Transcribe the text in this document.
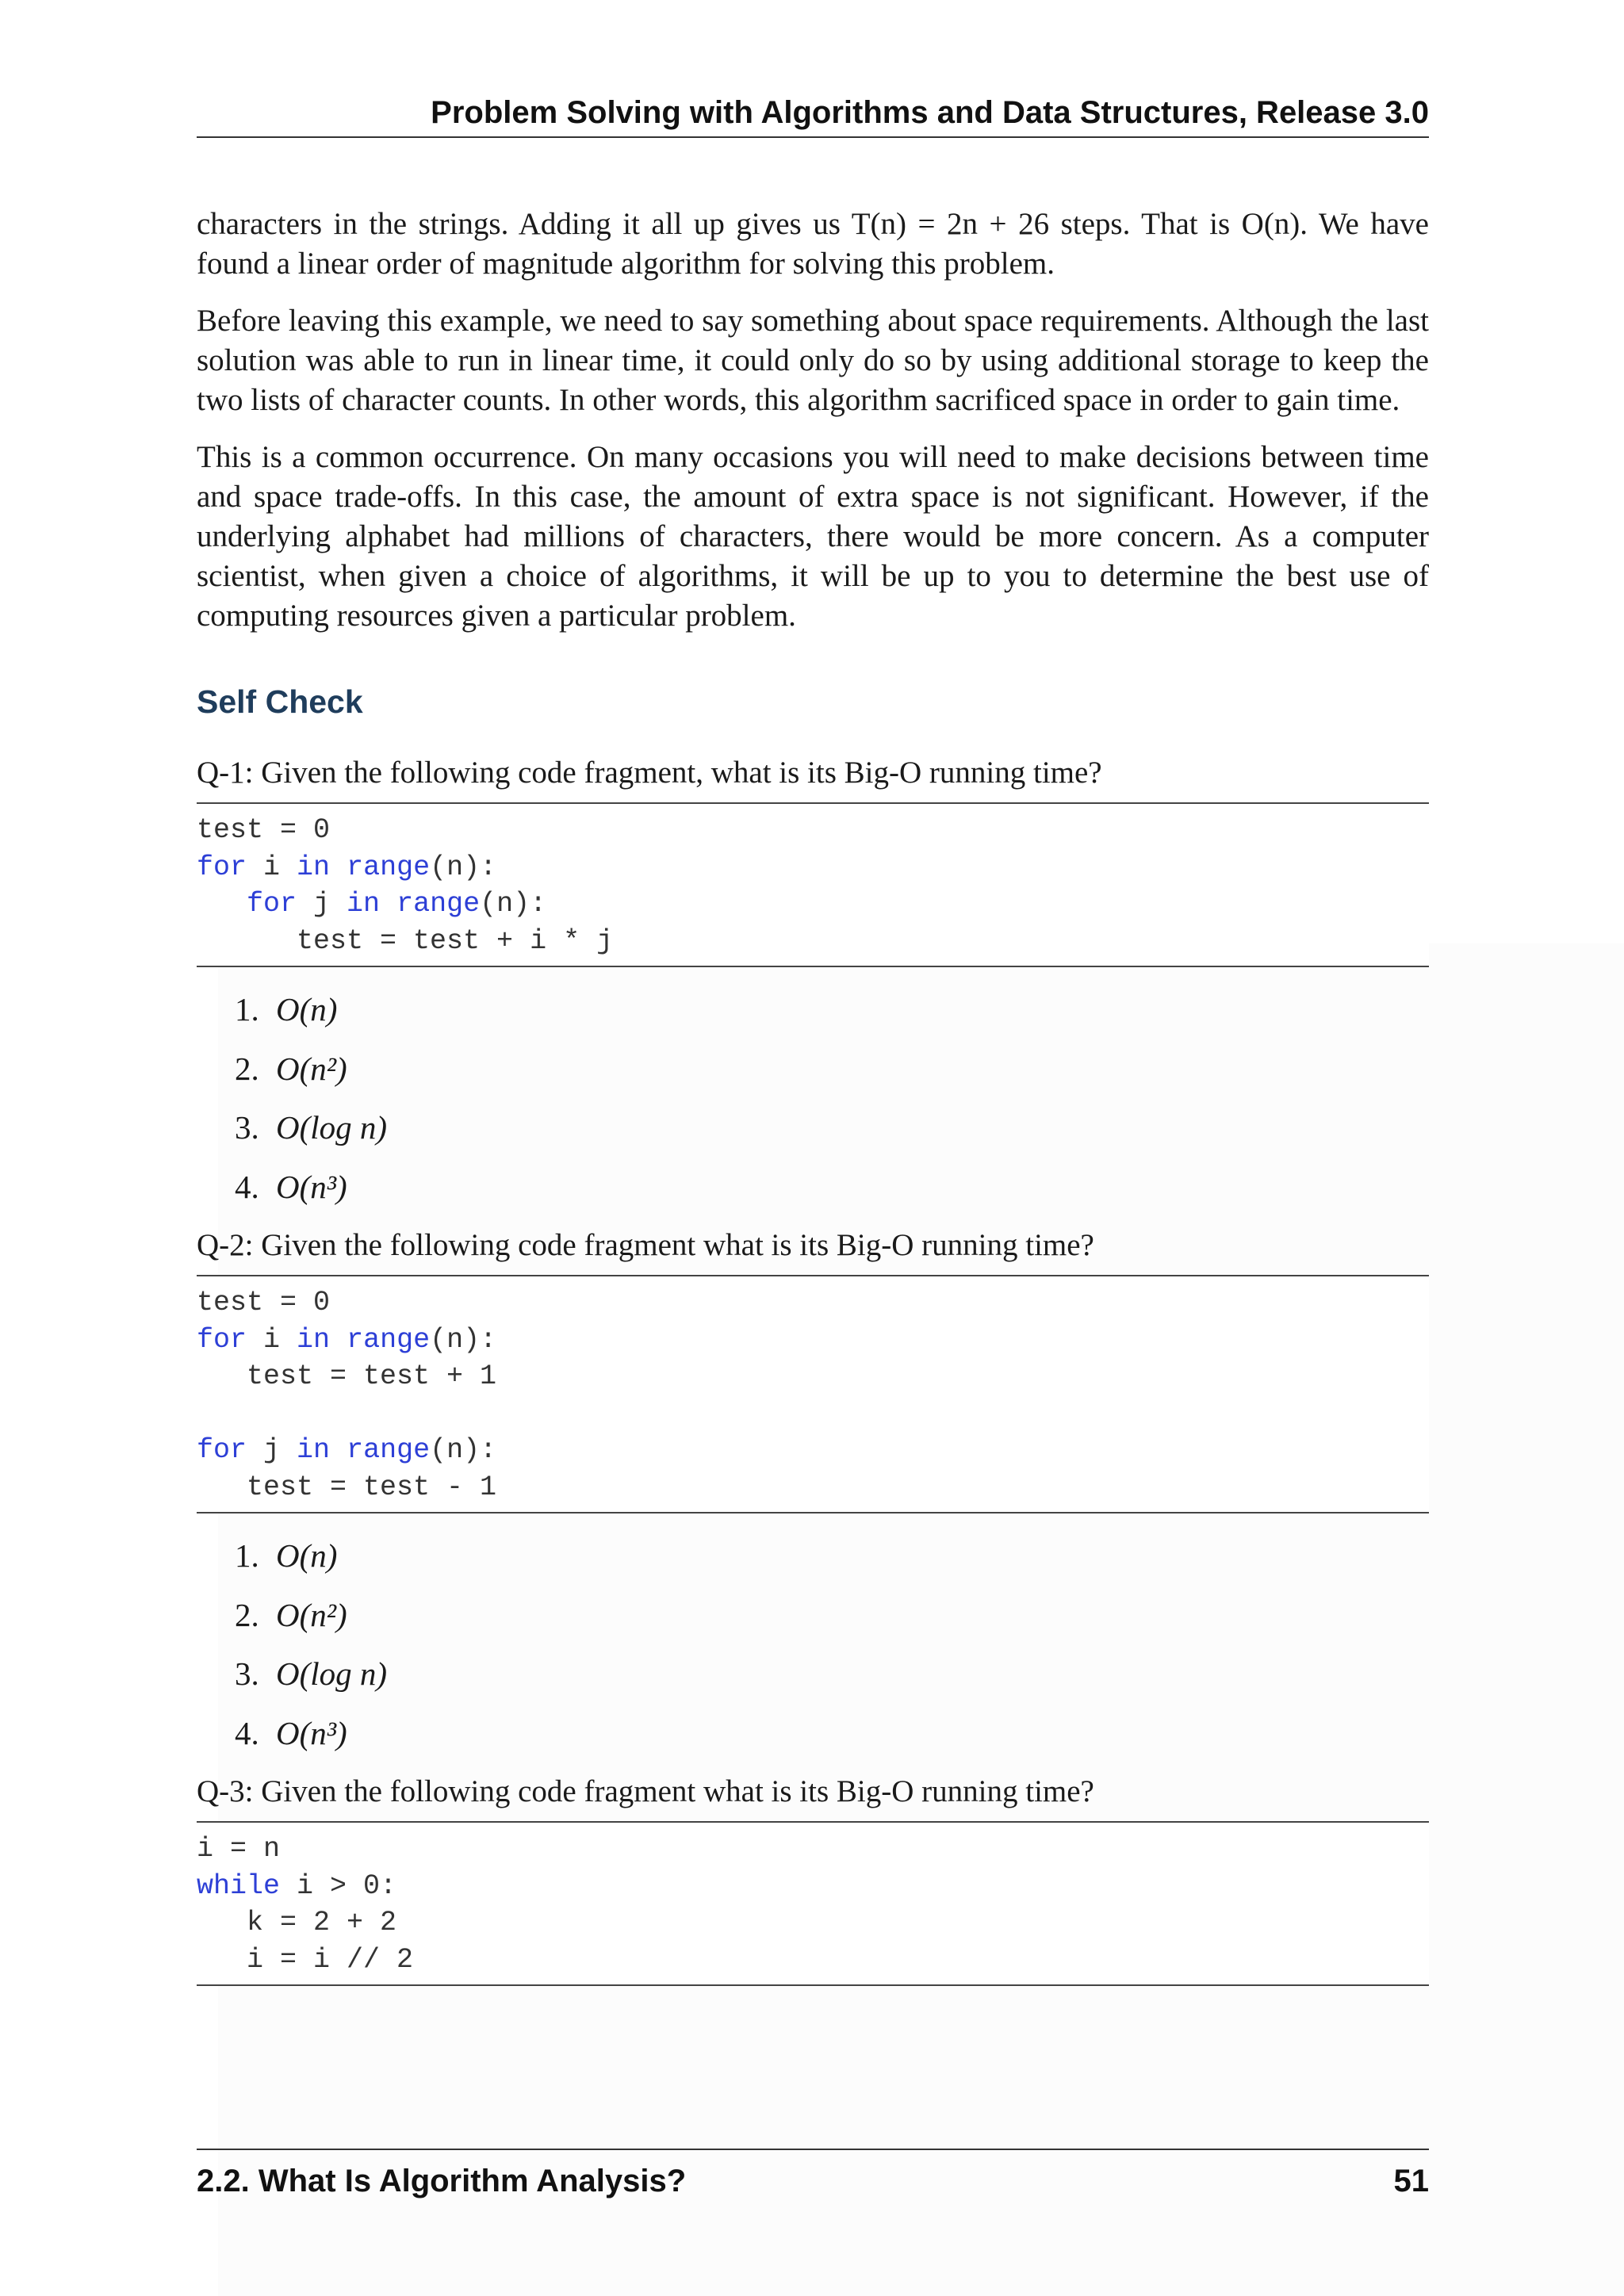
Problem Solving with Algorithms and Data Structures, Release 3.0

characters in the strings. Adding it all up gives us T(n) = 2n + 26 steps. That is O(n). We have found a linear order of magnitude algorithm for solving this problem.

Before leaving this example, we need to say something about space requirements. Although the last solution was able to run in linear time, it could only do so by using additional storage to keep the two lists of character counts. In other words, this algorithm sacrificed space in order to gain time.

This is a common occurrence. On many occasions you will need to make decisions between time and space trade-offs. In this case, the amount of extra space is not significant. However, if the underlying alphabet had millions of characters, there would be more concern. As a computer scientist, when given a choice of algorithms, it will be up to you to determine the best use of computing resources given a particular problem.

Self Check
Q-1: Given the following code fragment, what is its Big-O running time?
test = 0
for i in range(n):
for j in range(n):
test = test + i * j
1. O(n)
2. O(n²)
3. O(log n)
4. O(n³)
Q-2: Given the following code fragment what is its Big-O running time?
test = 0
for i in range(n):
test = test + 1

for j in range(n):
test = test - 1
1. O(n)
2. O(n²)
3. O(log n)
4. O(n³)
Q-3: Given the following code fragment what is its Big-O running time?
i = n
while i > 0:
k = 2 + 2
i = i // 2
2.2. What Is Algorithm Analysis?	51
